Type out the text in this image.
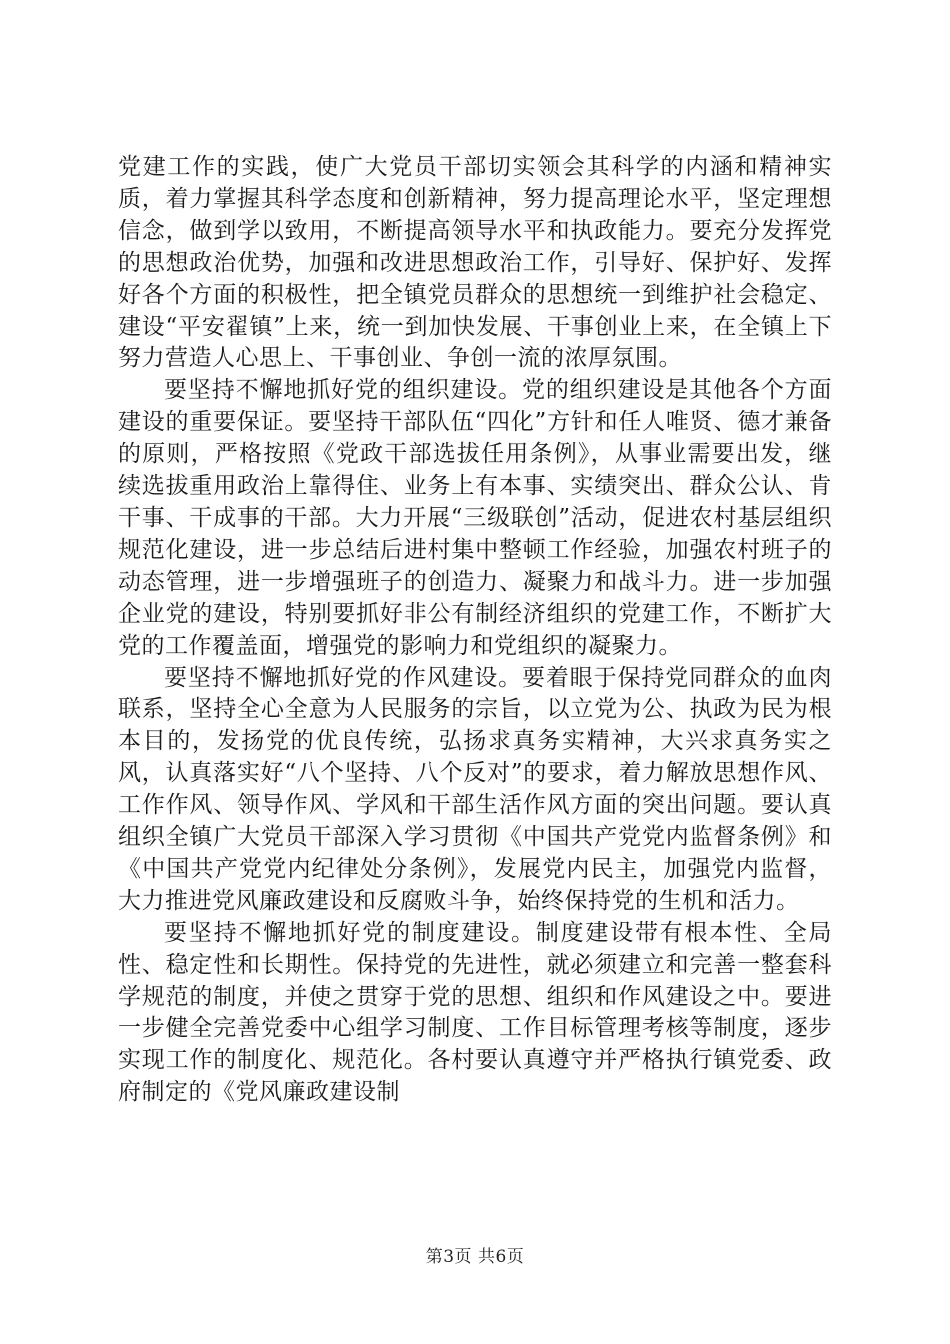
党建工作的实践，使广大党员干部切实领会其科学的内涵和精神实质，着力掌握其科学态度和创新精神，努力提高理论水平，坚定理想信念，做到学以致用，不断提高领导水平和执政能力。要充分发挥党的思想政治优势，加强和改进思想政治工作，引导好、保护好、发挥好各个方面的积极性，把全镇党员群众的思想统一到维护社会稳定、建设“平安翟镇”上来，统一到加快发展、干事创业上来，在全镇上下努力营造人心思上、干事创业、争创一流的浓厚氛围。

要坚持不懈地抓好党的组织建设。党的组织建设是其他各个方面建设的重要保证。要坚持干部队伍“四化”方针和任人唯贤、德才兼备的原则，严格按照《党政干部选拔任用条例》，从事业需要出发，继续选拔重用政治上靠得住、业务上有本事、实绩突出、群众公认、肯干事、干成事的干部。大力开展“三级联创”活动，促进农村基层组织规范化建设，进一步总结后进村集中整顿工作经验，加强农村班子的动态管理，进一步增强班子的创造力、凝聚力和战斗力。进一步加强企业党的建设，特别要抓好非公有制经济组织的党建工作，不断扩大党的工作覆盖面，增强党的影响力和党组织的凝聚力。

要坚持不懈地抓好党的作风建设。要着眼于保持党同群众的血肉联系，坚持全心全意为人民服务的宗旨，以立党为公、执政为民为根本目的，发扬党的优良传统，弘扬求真务实精神，大兴求真务实之风，认真落实好“八个坚持、八个反对”的要求，着力解放思想作风、工作作风、领导作风、学风和干部生活作风方面的突出问题。要认真组织全镇广大党员干部深入学习贯彻《中国共产党党内监督条例》和《中国共产党党内纪律处分条例》，发展党内民主，加强党内监督，大力推进党风廉政建设和反腐败斗争，始终保持党的生机和活力。

要坚持不懈地抓好党的制度建设。制度建设带有根本性、全局性、稳定性和长期性。保持党的先进性，就必须建立和完善一整套科学规范的制度，并使之贯穿于党的思想、组织和作风建设之中。要进一步健全完善党委中心组学习制度、工作目标管理考核等制度，逐步实现工作的制度化、规范化。各村要认真遵守并严格执行镇党委、政府制定的《党风廉政建设制

第3页 共6页
